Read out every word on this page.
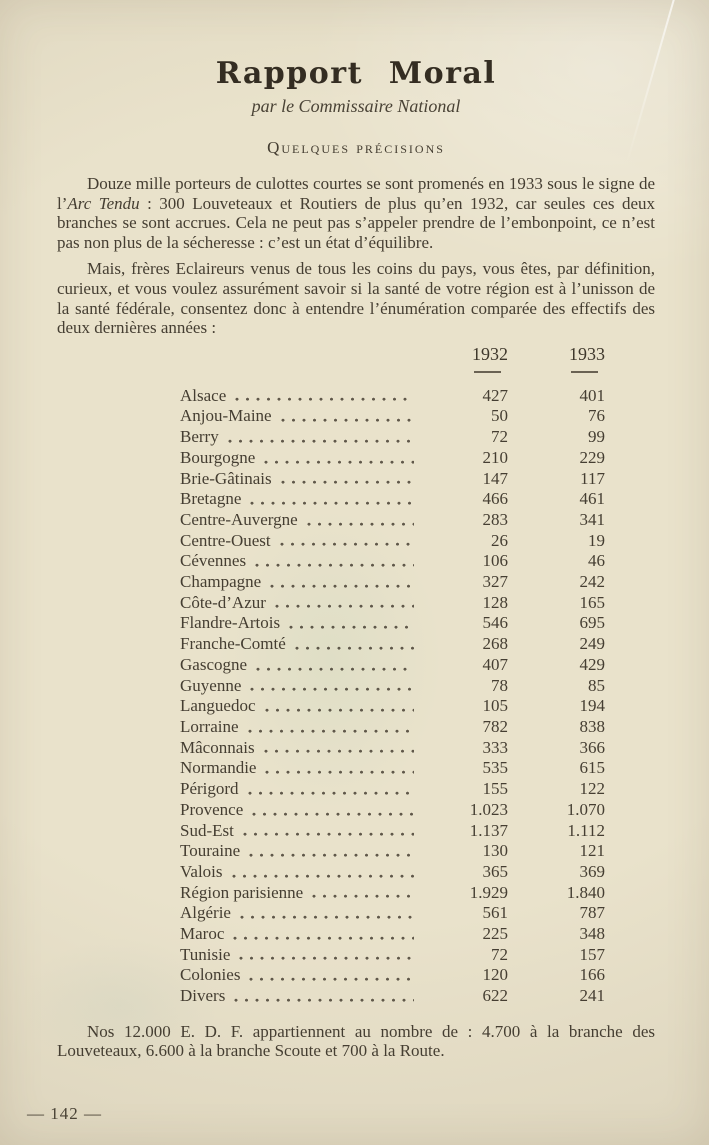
Rapport Moral
par le Commissaire National
Quelques précisions

Douze mille porteurs de culottes courtes se sont promenés en 1933 sous le signe de l’Arc Tendu : 300 Louveteaux et Routiers de plus qu’en 1932, car seules ces deux branches se sont accrues. Cela ne peut pas s’appeler prendre de l’embonpoint, ce n’est pas non plus de la sécheresse : c’est un état d’équilibre.

Mais, frères Eclaireurs venus de tous les coins du pays, vous êtes, par définition, curieux, et vous voulez assurément savoir si la santé de votre région est à l’unisson de la santé fédérale, consentez donc à entendre l’énumération comparée des effectifs des deux dernières années :

1932	1933
Alsace	427	401
Anjou-Maine	50	76
Berry	72	99
Bourgogne	210	229
Brie-Gâtinais	147	117
Bretagne	466	461
Centre-Auvergne	283	341
Centre-Ouest	26	19
Cévennes	106	46
Champagne	327	242
Côte-d’Azur	128	165
Flandre-Artois	546	695
Franche-Comté	268	249
Gascogne	407	429
Guyenne	78	85
Languedoc	105	194
Lorraine	782	838
Mâconnais	333	366
Normandie	535	615
Périgord	155	122
Provence	1.023	1.070
Sud-Est	1.137	1.112
Touraine	130	121
Valois	365	369
Région parisienne	1.929	1.840
Algérie	561	787
Maroc	225	348
Tunisie	72	157
Colonies	120	166
Divers	622	241

Nos 12.000 E. D. F. appartiennent au nombre de : 4.700 à la branche des Louveteaux, 6.600 à la branche Scoute et 700 à la Route.

— 142 —
